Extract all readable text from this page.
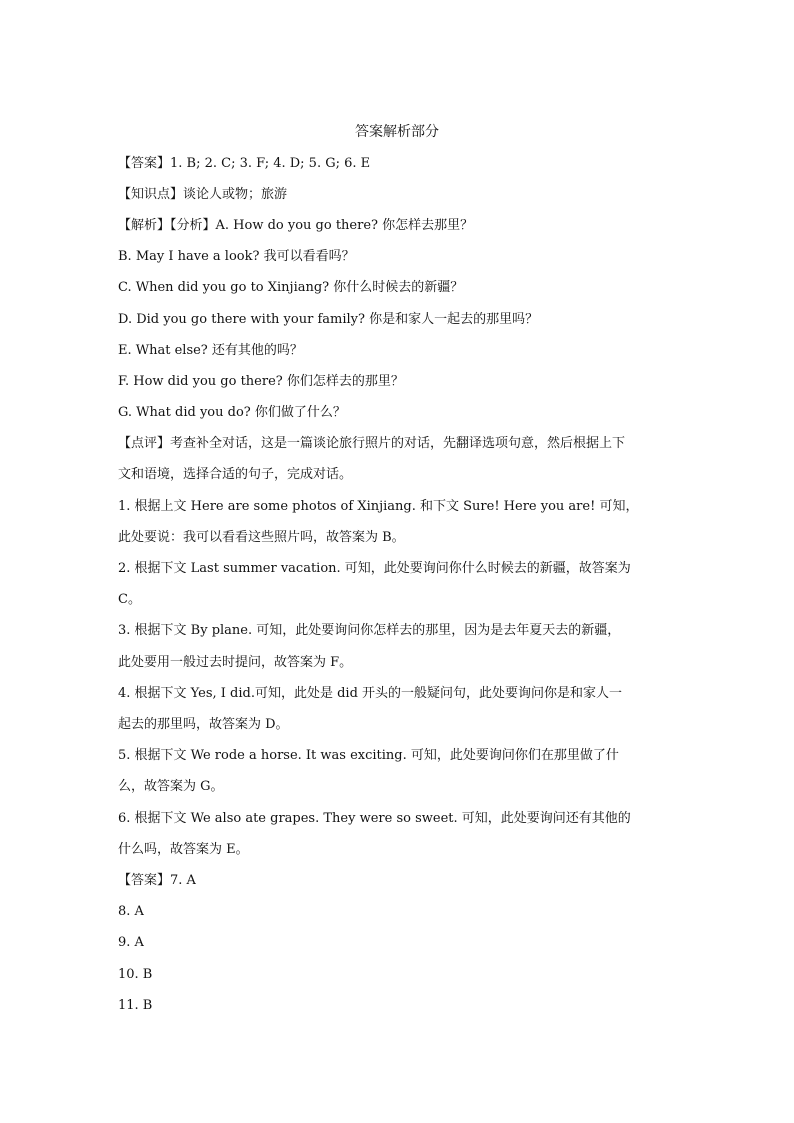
答案解析部分
【答案】1. B; 2. C; 3. F; 4. D; 5. G; 6. E
【知识点】谈论人或物；旅游
【解析】【分析】A. How do you go there? 你怎样去那里？
B. May I have a look? 我可以看看吗？
C. When did you go to Xinjiang? 你什么时候去的新疆？
D. Did you go there with your family? 你是和家人一起去的那里吗？
E. What else? 还有其他的吗？
F. How did you go there? 你们怎样去的那里？
G. What did you do? 你们做了什么？
【点评】考查补全对话，这是一篇谈论旅行照片的对话，先翻译选项句意，然后根据上下
文和语境，选择合适的句子，完成对话。
1. 根据上文 Here are some photos of Xinjiang. 和下文 Sure! Here you are! 可知，
此处要说：我可以看看这些照片吗，故答案为 B。
2. 根据下文 Last summer vacation. 可知，此处要询问你什么时候去的新疆，故答案为
C。
3. 根据下文 By plane. 可知，此处要询问你怎样去的那里，因为是去年夏天去的新疆，
此处要用一般过去时提问，故答案为 F。
4. 根据下文 Yes, I did.可知，此处是 did 开头的一般疑问句，此处要询问你是和家人一
起去的那里吗，故答案为 D。
5. 根据下文 We rode a horse. It was exciting. 可知，此处要询问你们在那里做了什
么，故答案为 G。
6. 根据下文 We also ate grapes. They were so sweet. 可知，此处要询问还有其他的
什么吗，故答案为 E。
【答案】7. A
8. A
9. A
10. B
11. B
